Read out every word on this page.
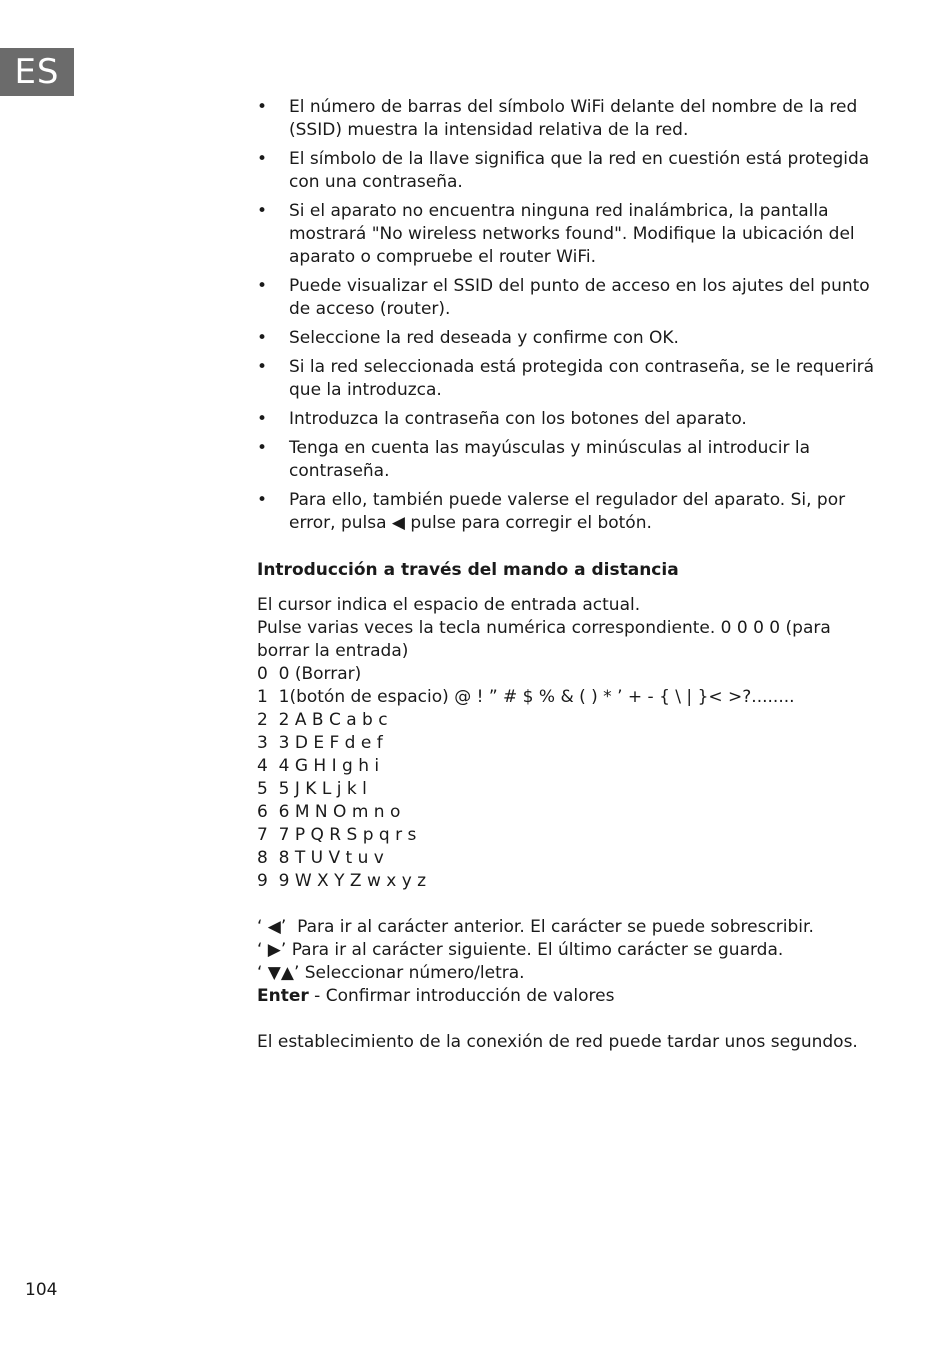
ES
• El número de barras del símbolo WiFi delante del nombre de la red (SSID) muestra la intensidad relativa de la red.
• El símbolo de la llave significa que la red en cuestión está protegida con una contraseña.
• Si el aparato no encuentra ninguna red inalámbrica, la pantalla mostrará "No wireless networks found". Modifique la ubicación del aparato o compruebe el router WiFi.
• Puede visualizar el SSID del punto de acceso en los ajutes del punto de acceso (router).
• Seleccione la red deseada y confirme con OK.
• Si la red seleccionada está protegida con contraseña, se le requerirá que la introduzca.
• Introduzca la contraseña con los botones del aparato.
• Tenga en cuenta las mayúsculas y minúsculas al introducir la contraseña.
• Para ello, también puede valerse el regulador del aparato. Si, por error, pulsa ◀ pulse para corregir el botón.
Introducción a través del mando a distancia
El cursor indica el espacio de entrada actual.
Pulse varias veces la tecla numérica correspondiente. 0 0 0 0 (para borrar la entrada)
0  0 (Borrar)
1  1(botón de espacio) @ ! ” # $ % & ( ) * ’ + - { \ | }< >?........
2  2 A B C a b c
3  3 D E F d e f
4  4 G H I g h i
5  5 J K L j k l
6  6 M N O m n o
7  7 P Q R S p q r s
8  8 T U V t u v
9  9 W X Y Z w x y z
‘ ◀’  Para ir al carácter anterior. El carácter se puede sobrescribir.
‘ ▶’ Para ir al carácter siguiente. El último carácter se guarda.
‘ ▼▲’ Seleccionar número/letra.
Enter - Confirmar introducción de valores
El establecimiento de la conexión de red puede tardar unos segundos.
104
